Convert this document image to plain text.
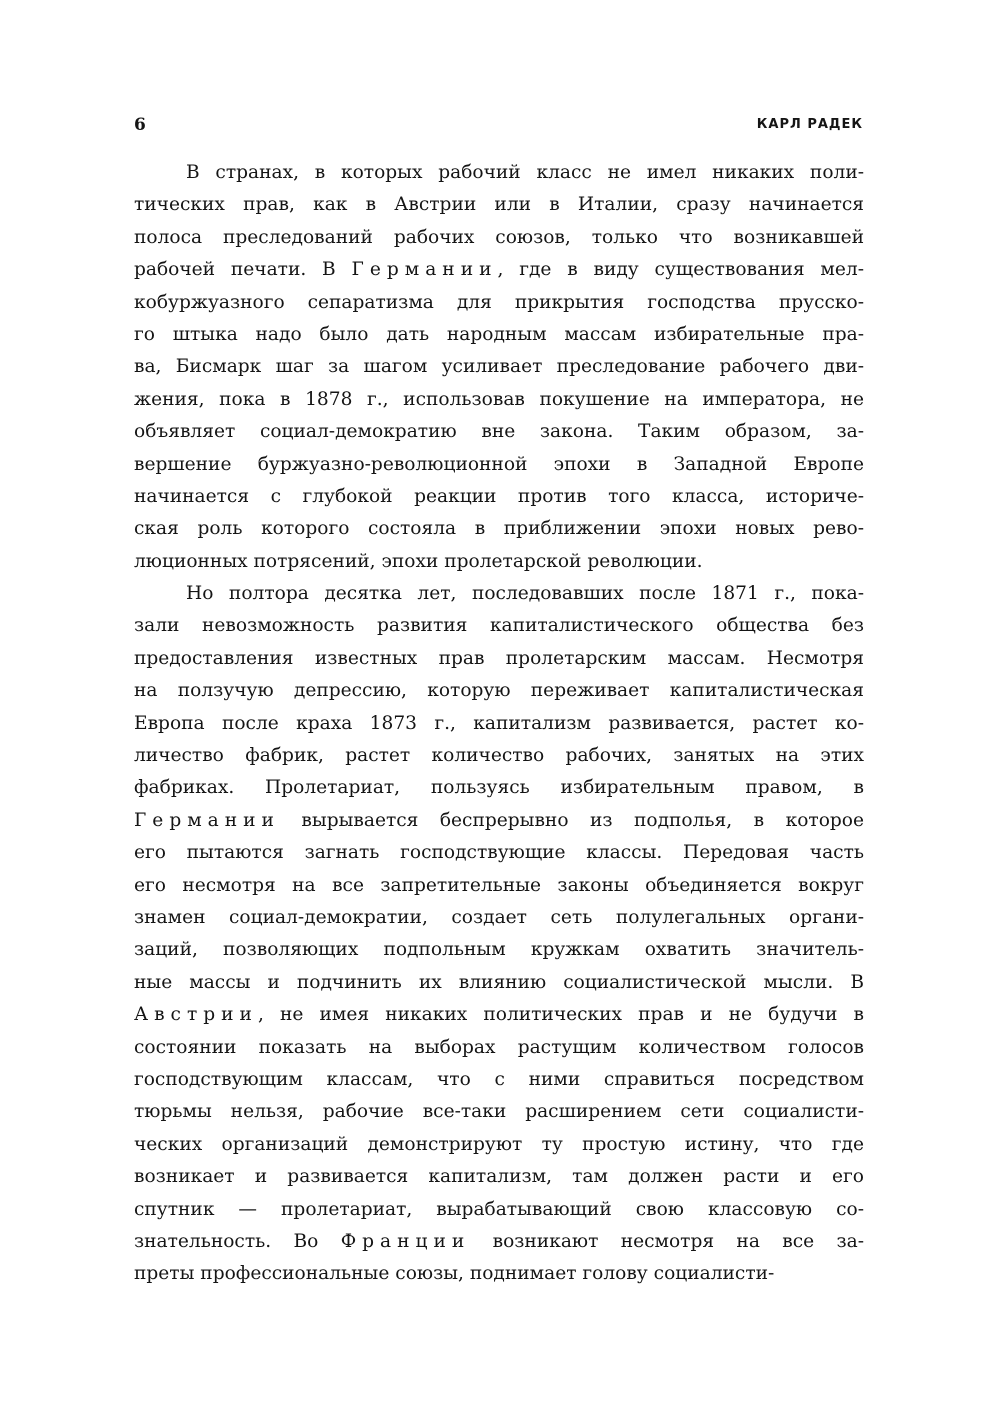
6	КАРЛ РАДЕК
В странах, в которых рабочий класс не имел никаких поли-
тических прав, как в Австрии или в Италии, сразу начинается
полоса преследований рабочих союзов, только что возникавшей
рабочей печати. В Германии, где в виду существования мел-
кобуржуазного сепаратизма для прикрытия господства прусско-
го штыка надо было дать народным массам избирательные пра-
ва, Бисмарк шаг за шагом усиливает преследование рабочего дви-
жения, пока в 1878 г., использовав покушение на императора, не
объявляет социал-демократию вне закона. Таким образом, за-
вершение буржуазно-революционной эпохи в Западной Европе
начинается с глубокой реакции против того класса, историче-
ская роль которого состояла в приближении эпохи новых рево-
люционных потрясений, эпохи пролетарской революции.
Но полтора десятка лет, последовавших после 1871 г., пока-
зали невозможность развития капиталистического общества без
предоставления известных прав пролетарским массам. Несмотря
на ползучую депрессию, которую переживает капиталистическая
Европа после краха 1873 г., капитализм развивается, растет ко-
личество фабрик, растет количество рабочих, занятых на этих
фабриках. Пролетариат, пользуясь избирательным правом, в
Германии вырывается беспрерывно из подполья, в которое
его пытаются загнать господствующие классы. Передовая часть
его несмотря на все запретительные законы объединяется вокруг
знамен социал-демократии, создает сеть полулегальных органи-
заций, позволяющих подпольным кружкам охватить значитель-
ные массы и подчинить их влиянию социалистической мысли. В
Австрии, не имея никаких политических прав и не будучи в
состоянии показать на выборах растущим количеством голосов
господствующим классам, что с ними справиться посредством
тюрьмы нельзя, рабочие все-таки расширением сети социалисти-
ческих организаций демонстрируют ту простую истину, что где
возникает и развивается капитализм, там должен расти и его
спутник — пролетариат, вырабатывающий свою классовую со-
знательность. Во Франции возникают несмотря на все за-
преты профессиональные союзы, поднимает голову социалисти-
